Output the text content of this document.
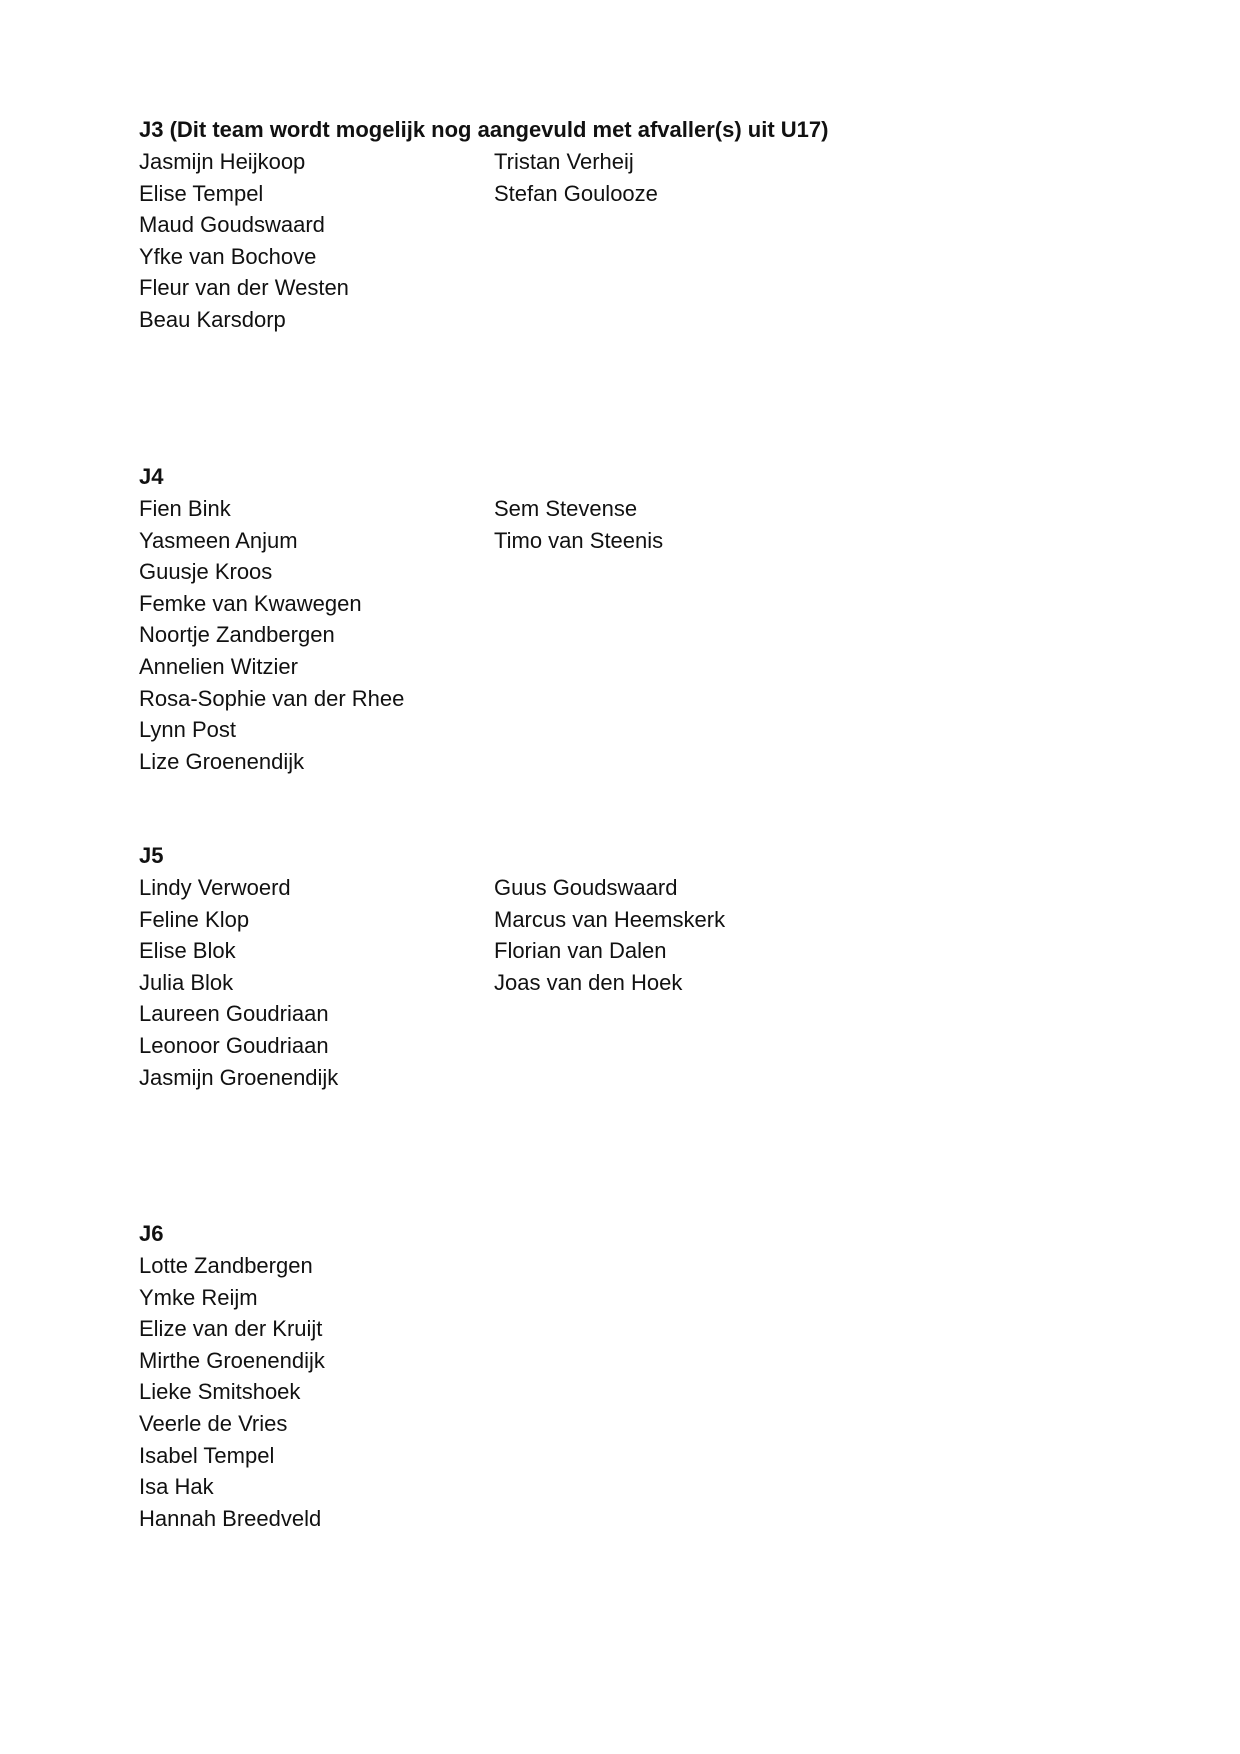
J3 (Dit team wordt mogelijk nog aangevuld met afvaller(s) uit U17)
Jasmijn Heijkoop
Elise Tempel
Maud Goudswaard
Yfke van Bochove
Fleur van der Westen
Beau Karsdorp
Tristan Verheij
Stefan Goulooze
J4
Fien Bink
Yasmeen Anjum
Guusje Kroos
Femke van Kwawegen
Noortje Zandbergen
Annelien Witzier
Rosa-Sophie van der Rhee
Lynn Post
Lize Groenendijk
Sem Stevense
Timo van Steenis
J5
Lindy Verwoerd
Feline Klop
Elise Blok
Julia Blok
Laureen Goudriaan
Leonoor Goudriaan
Jasmijn Groenendijk
Guus Goudswaard
Marcus van Heemskerk
Florian van Dalen
Joas van den Hoek
J6
Lotte Zandbergen
Ymke Reijm
Elize van der Kruijt
Mirthe Groenendijk
Lieke Smitshoek
Veerle de Vries
Isabel Tempel
Isa Hak
Hannah Breedveld
